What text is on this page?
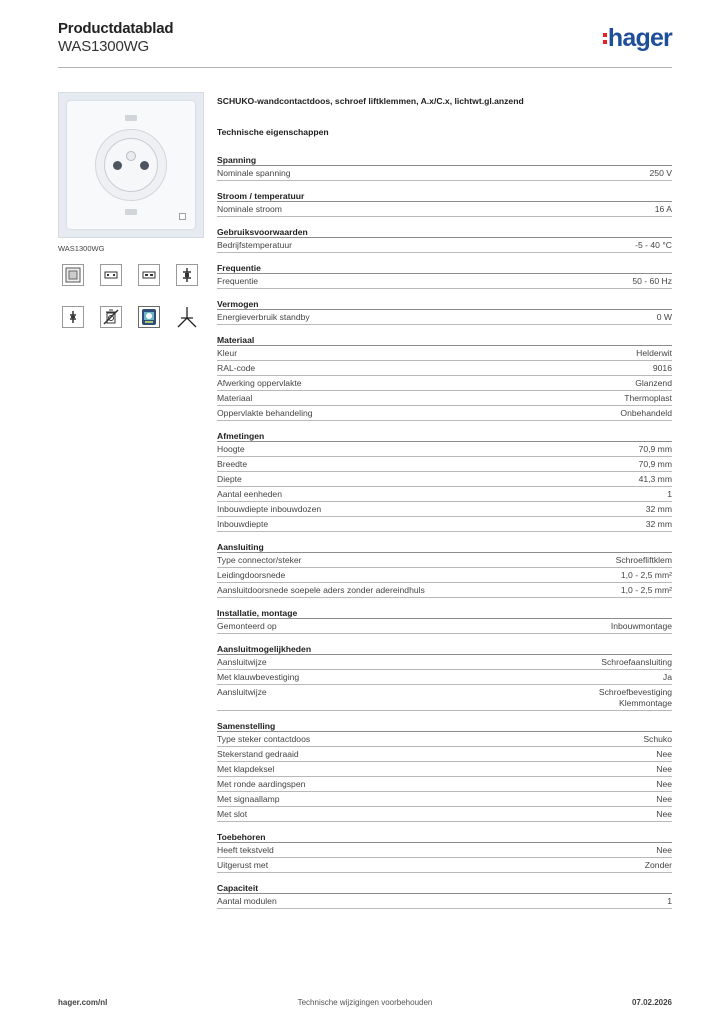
Productdatablad
WAS1300WG	hager
WAS1300WG
SCHUKO-wandcontactdoos, schroef liftklemmen, A.x/C.x, lichtwt.gl.anzend
Technische eigenschappen
Spanning
Nominale spanning	250 V
Stroom / temperatuur
Nominale stroom	16 A
Gebruiksvoorwaarden
Bedrijfstemperatuur	-5 - 40 °C
Frequentie
Frequentie	50 - 60 Hz
Vermogen
Energieverbruik standby	0 W
Materiaal
Kleur	Helderwit
RAL-code	9016
Afwerking oppervlakte	Glanzend
Materiaal	Thermoplast
Oppervlakte behandeling	Onbehandeld
Afmetingen
Hoogte	70,9 mm
Breedte	70,9 mm
Diepte	41,3 mm
Aantal eenheden	1
Inbouwdiepte inbouwdozen	32 mm
Inbouwdiepte	32 mm
Aansluiting
Type connector/steker	Schroefliftklem
Leidingdoorsnede	1,0 - 2,5 mm²
Aansluitdoorsnede soepele aders zonder adereindhuls	1,0 - 2,5 mm²
Installatie, montage
Gemonteerd op	Inbouwmontage
Aansluitmogelijkheden
Aansluitwijze	Schroefaansluiting
Met klauwbevestiging	Ja
Aansluitwijze	Schroefbevestiging
Klemmontage
Samenstelling
Type steker contactdoos	Schuko
Stekerstand gedraaid	Nee
Met klapdeksel	Nee
Met ronde aardingspen	Nee
Met signaallamp	Nee
Met slot	Nee
Toebehoren
Heeft tekstveld	Nee
Uitgerust met	Zonder
Capaciteit
Aantal modulen	1
hager.com/nl	Technische wijzigingen voorbehouden	07.02.2026
